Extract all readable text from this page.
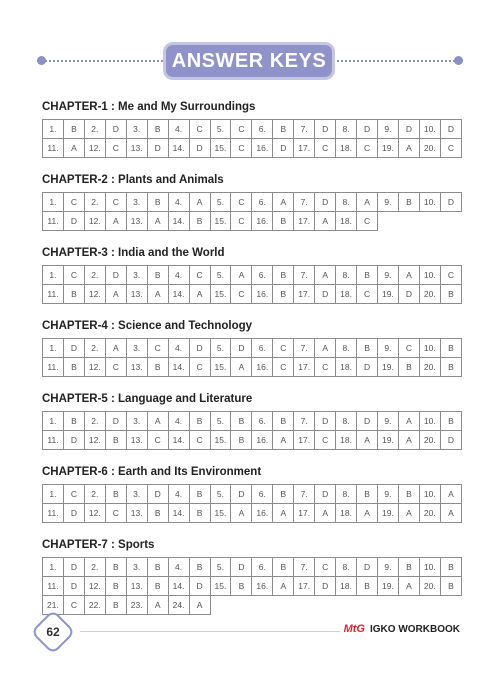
ANSWER KEYS
CHAPTER-1 : Me and My Surroundings
1.	B	2.	D	3.	B	4.	C	5.	C	6.	B	7.	D	8.	D	9.	D	10.	D
11.	A	12.	C	13.	D	14.	D	15.	C	16.	D	17.	C	18.	C	19.	A	20.	C
CHAPTER-2 : Plants and Animals
1.	C	2.	C	3.	B	4.	A	5.	C	6.	A	7.	D	8.	A	9.	B	10.	D
11.	D	12.	A	13.	A	14.	B	15.	C	16.	B	17.	A	18.	C				
CHAPTER-3 : India and the World
1.	C	2.	D	3.	B	4.	C	5.	A	6.	B	7.	A	8.	B	9.	A	10.	C
11.	B	12.	A	13.	A	14.	A	15.	C	16.	B	17.	D	18.	C	19.	D	20.	B
CHAPTER-4 : Science and Technology
1.	D	2.	A	3.	C	4.	D	5.	D	6.	C	7.	A	8.	B	9.	C	10.	B
11.	B	12.	C	13.	B	14.	C	15.	A	16.	C	17.	C	18.	D	19.	B	20.	B
CHAPTER-5 : Language and Literature
1.	B	2.	D	3.	A	4.	B	5.	B	6.	B	7.	D	8.	D	9.	A	10.	B
11.	D	12.	B	13.	C	14.	C	15.	B	16.	A	17.	C	18.	A	19.	A	20.	D
CHAPTER-6 : Earth and Its Environment
1.	C	2.	B	3.	D	4.	B	5.	D	6.	B	7.	D	8.	B	9.	B	10.	A
11.	D	12.	C	13.	B	14.	B	15.	A	16.	A	17.	A	18.	A	19.	A	20.	A
CHAPTER-7 : Sports
1.	D	2.	B	3.	B	4.	B	5.	D	6.	B	7.	C	8.	D	9.	B	10.	B
11.	D	12.	B	13.	B	14.	D	15.	B	16.	A	17.	D	18.	B	19.	A	20.	B
21.	C	22.	B	23.	A	24.	A												
62	MtG IGKO WORKBOOK
